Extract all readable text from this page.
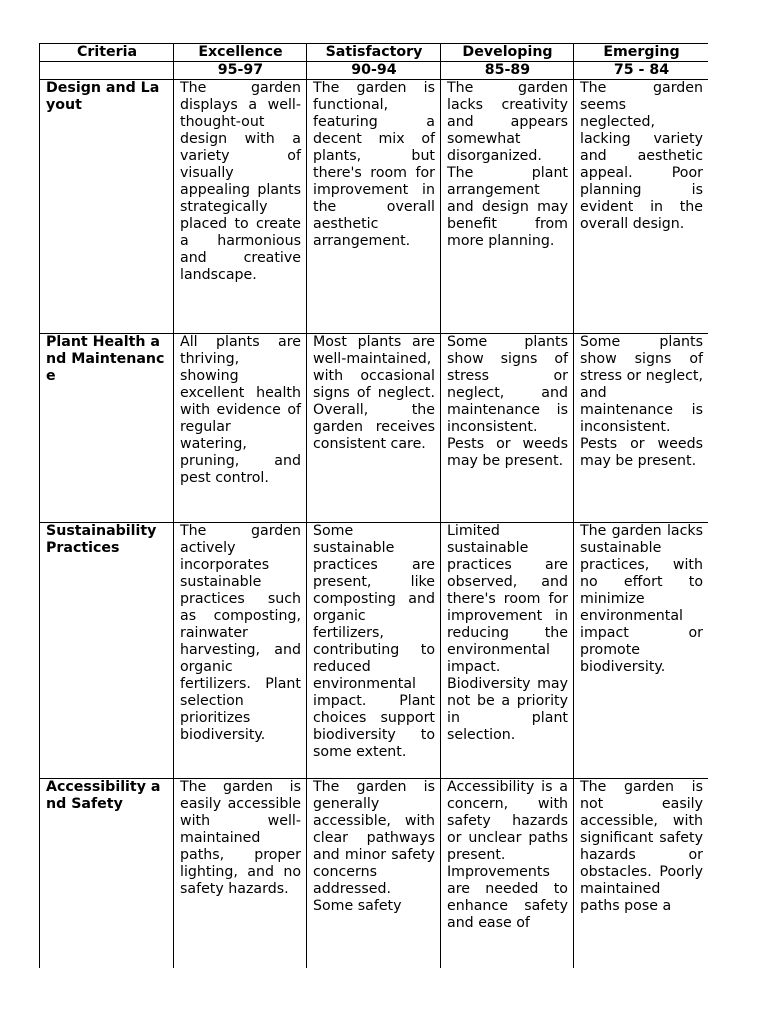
Criteria	Excellence	Satisfactory	Developing	Emerging
	95-97	90-94	85-89	75 - 84
Design and Layout	The garden displays a well-thought-out design with a variety of visually appealing plants strategically placed to create a harmonious and creative landscape.	The garden is functional, featuring a decent mix of plants, but there's room for improvement in the overall aesthetic arrangement.	The garden lacks creativity and appears somewhat disorganized. The plant arrangement and design may benefit from more planning.	The garden seems neglected, lacking variety and aesthetic appeal. Poor planning is evident in the overall design.
Plant Health and Maintenance	All plants are thriving, showing excellent health with evidence of regular watering, pruning, and pest control.	Most plants are well-maintained, with occasional signs of neglect. Overall, the garden receives consistent care.	Some plants show signs of stress or neglect, and maintenance is inconsistent. Pests or weeds may be present.	Some plants show signs of stress or neglect, and maintenance is inconsistent. Pests or weeds may be present.
Sustainability Practices	The garden actively incorporates sustainable practices such as composting, rainwater harvesting, and organic fertilizers. Plant selection prioritizes biodiversity.	Some sustainable practices are present, like composting and organic fertilizers, contributing to reduced environmental impact. Plant choices support biodiversity to some extent.	Limited sustainable practices are observed, and there's room for improvement in reducing the environmental impact. Biodiversity may not be a priority in plant selection.	The garden lacks sustainable practices, with no effort to minimize environmental impact or promote biodiversity.
Accessibility and Safety	The garden is easily accessible with well-maintained paths, proper lighting, and no safety hazards.	The garden is generally accessible, with clear pathways and minor safety concerns addressed. Some safety	Accessibility is a concern, with safety hazards or unclear paths present. Improvements are needed to enhance safety and ease of	The garden is not easily accessible, with significant safety hazards or obstacles. Poorly maintained paths pose a
